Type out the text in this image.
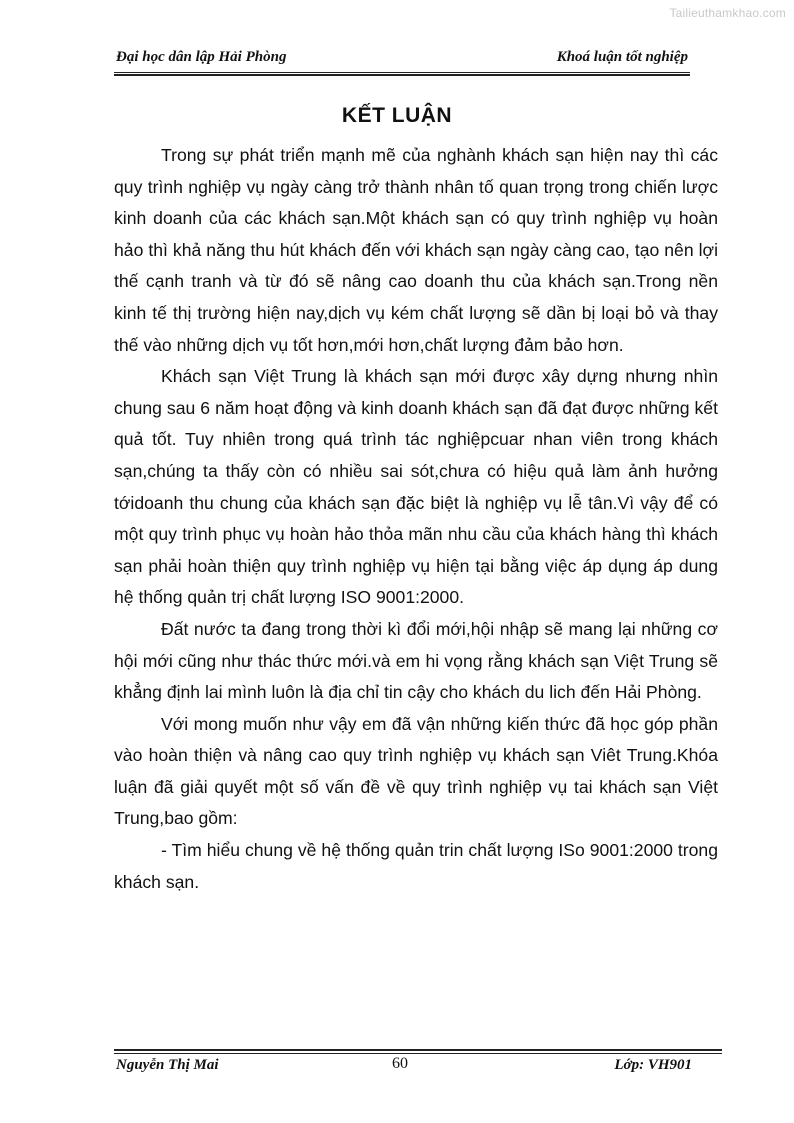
Tailieuthamkhao.com
Đại học dân lập Hải Phòng	Khoá luận tốt nghiệp
KẾT LUẬN

Trong sự phát triển mạnh mẽ của nghành khách sạn hiện nay thì các quy trình nghiệp vụ ngày càng trở thành nhân tố quan trọng trong chiến lược kinh doanh của các khách sạn.Một khách sạn có quy trình nghiệp vụ hoàn hảo thì khả năng thu hút khách đến với khách sạn ngày càng cao, tạo nên lợi thế cạnh tranh và từ đó sẽ nâng cao doanh thu của khách sạn.Trong nền kinh tế thị trường hiện nay,dịch vụ kém chất lượng sẽ dần bị loại bỏ và thay thế vào những dịch vụ tốt hơn,mới hơn,chất lượng đảm bảo hơn.

Khách sạn Việt Trung là khách sạn mới được xây dựng nhưng nhìn chung sau 6 năm hoạt động và kinh doanh khách sạn đã đạt được những kết quả tốt. Tuy nhiên trong quá trình tác nghiệpcuar nhan viên trong khách sạn,chúng ta thấy còn có nhiều sai sót,chưa có hiệu quả làm ảnh hưởng tớidoanh thu chung của khách sạn đặc biệt là nghiệp vụ lễ tân.Vì vậy để có một quy trình phục vụ hoàn hảo thỏa mãn nhu cầu của khách hàng thì khách sạn phải hoàn thiện quy trình nghiệp vụ hiện tại bằng việc áp dụng áp dung hệ thống quản trị chất lượng ISO 9001:2000.

Đất nước ta đang trong thời kì đổi mới,hội nhập sẽ mang lại những cơ hội mới cũng như thác thức mới.và em hi vọng rằng khách sạn Việt Trung sẽ khẳng định lai mình luôn là địa chỉ tin cậy cho khách du lich đến Hải Phòng.

Với mong muốn như vậy em đã vận những kiến thức đã học góp phần vào hoàn thiện và nâng cao quy trình nghiệp vụ khách sạn Viêt Trung.Khóa luận đã giải quyết một số vấn đề về quy trình nghiệp vụ tai khách sạn Việt Trung,bao gồm:

- Tìm hiểu chung về hệ thống quản trin chất lượng ISo 9001:2000 trong khách sạn.

Nguyễn Thị Mai	60	Lớp: VH901
